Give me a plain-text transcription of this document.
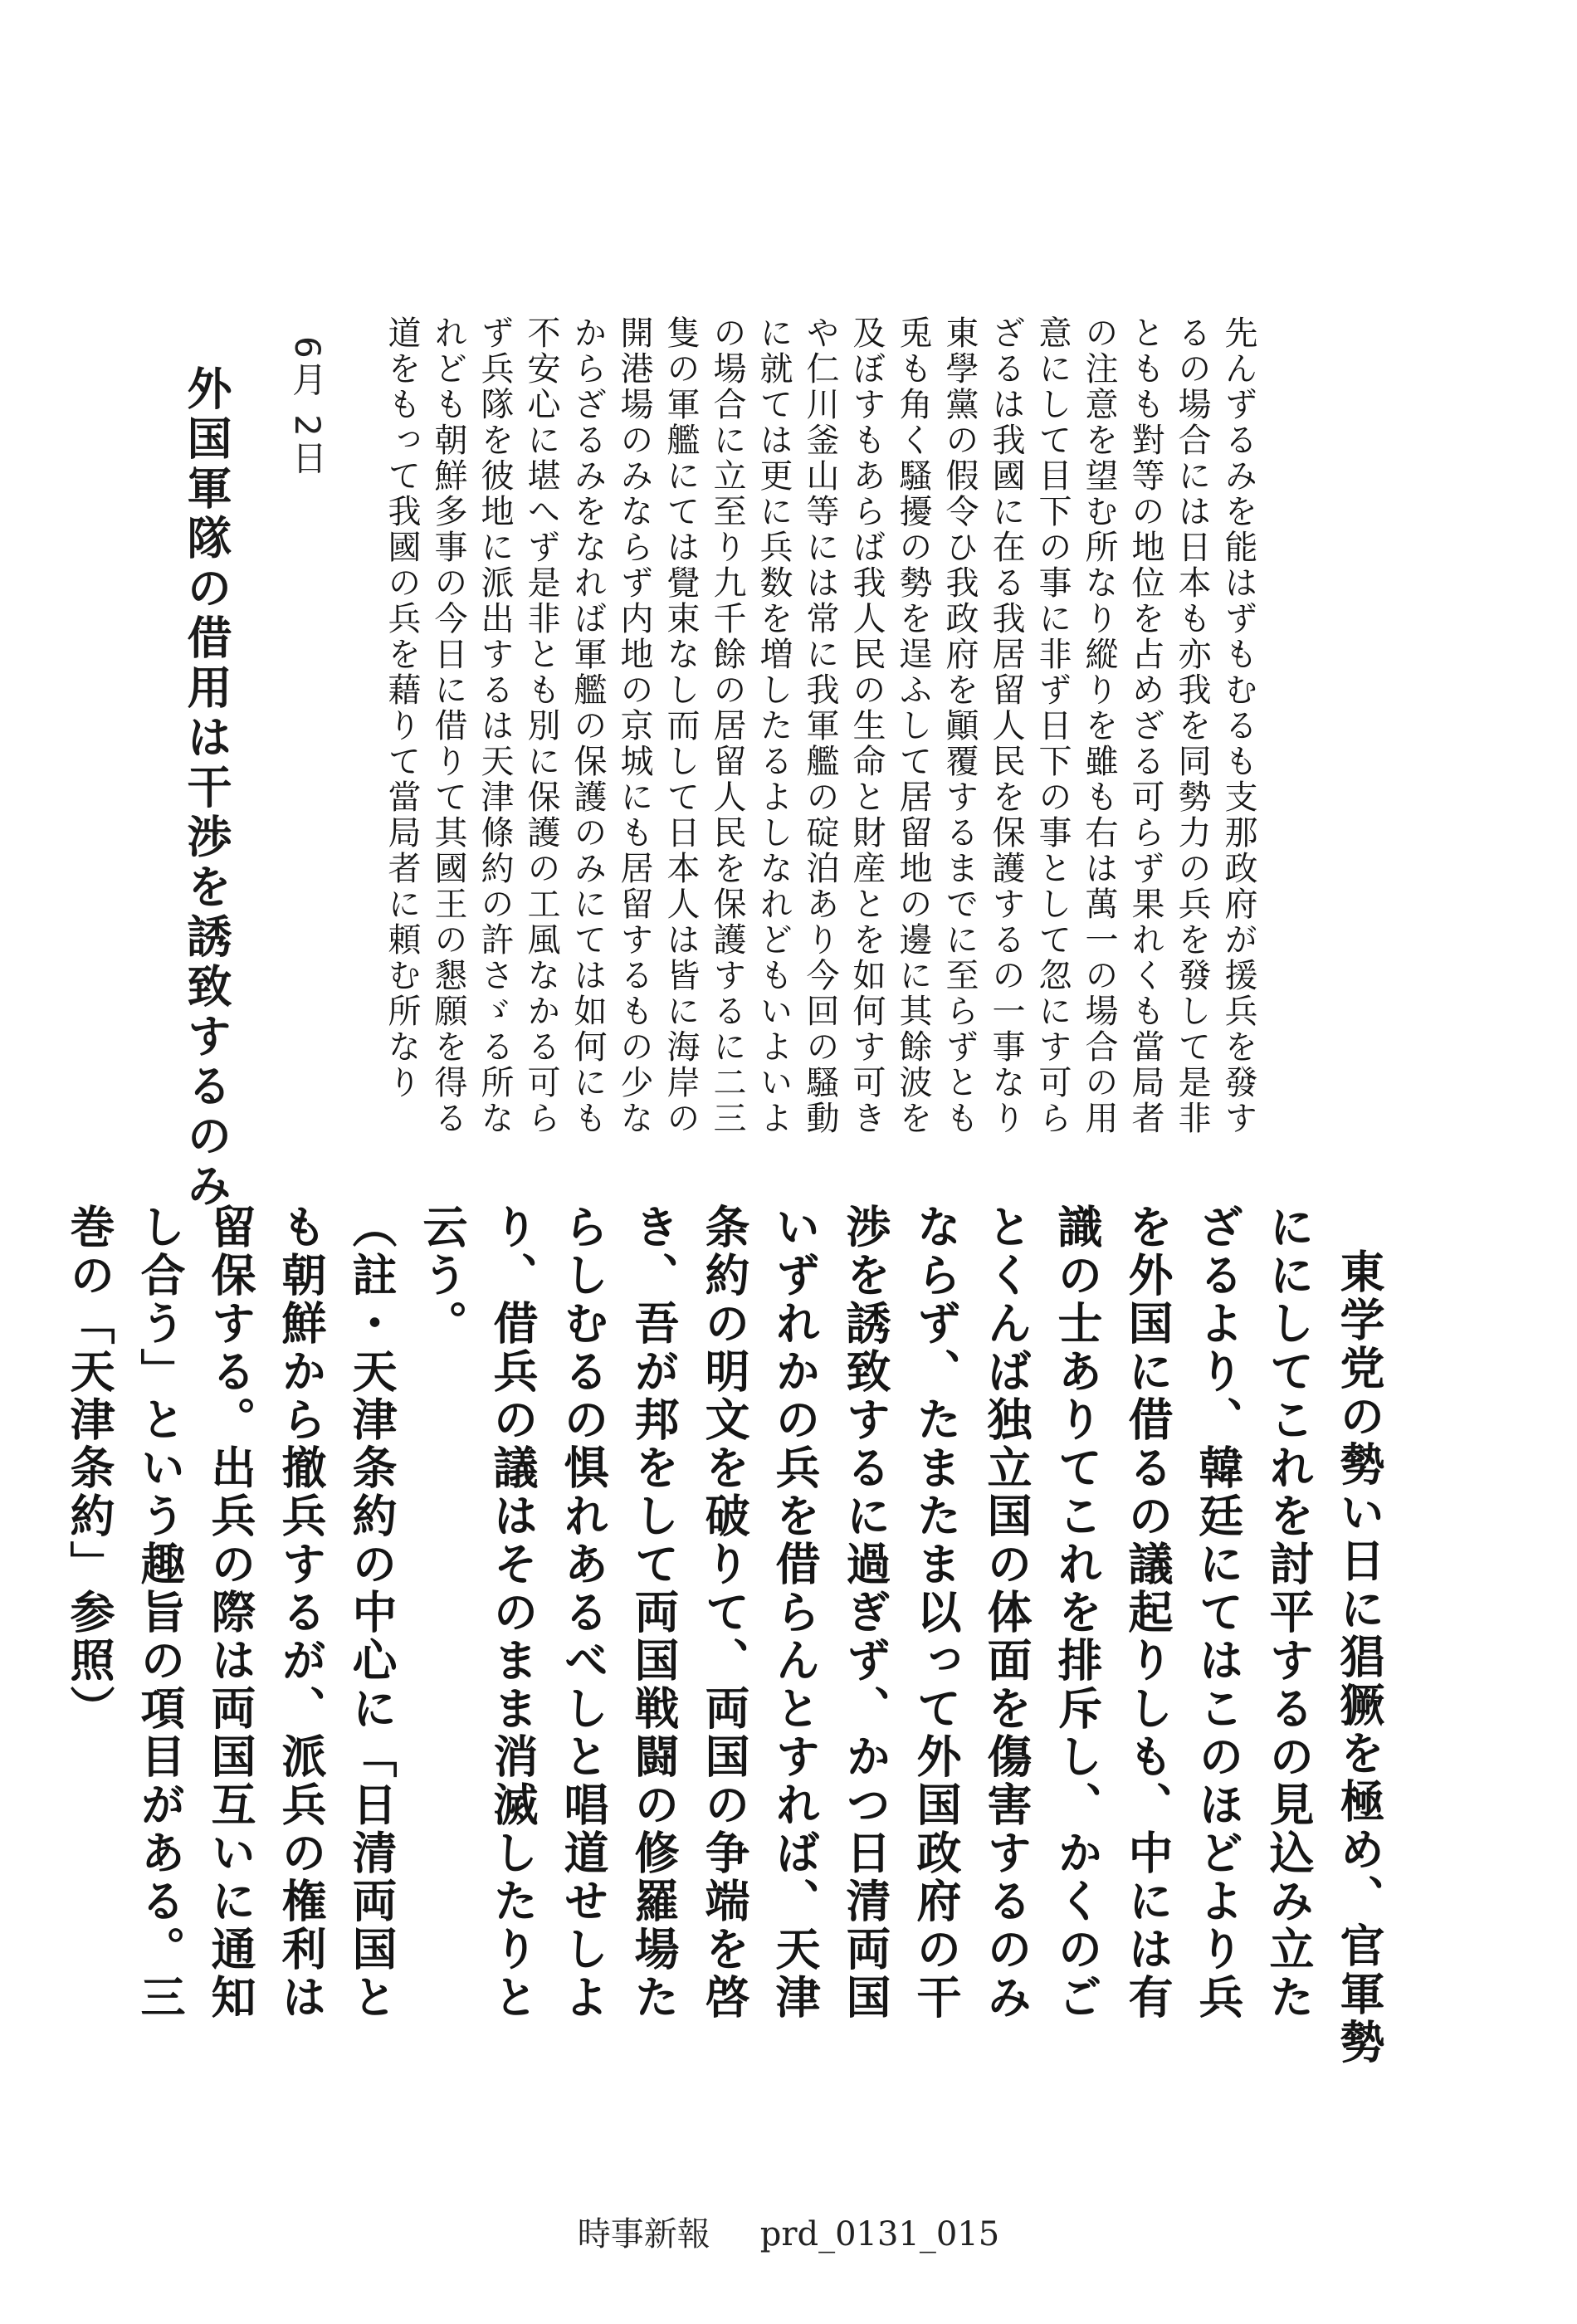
先んずるみを能はずもむるも支那政府が援兵を發するの場合には日本も亦我を同勢力の兵を發して是非ともも對等の地位を占めざる可らず果れくも當局者の注意を望む所なり縱りを雖も右は萬一の場合の用意にして目下の事に非ず日下の事として忽にす可らざるは我國に在る我居留人民を保護するの一事なり東學黨の假令ひ我政府を顚覆するまでに至らずとも兎も角く騷擾の勢を逞ふして居留地の邊に其餘波を及ぼすもあらば我人民の生命と財産とを如何す可きや仁川釜山等には常に我軍艦の碇泊あり今回の騷動に就ては更に兵数を増したるよしなれどもいよいよの場合に立至り九千餘の居留人民を保護するに二三隻の軍艦にては覺束なし而して日本人は皆に海岸の開港場のみならず内地の京城にも居留するもの少なからざるみをなれば軍艦の保護のみにては如何にも不安心に堪へず是非とも別に保護の工風なかる可らず兵隊を彼地に派出するは天津條約の許さゞる所なれども朝鮮多事の今日に借りて其國王の懇願を得る道をもって我國の兵を藉りて當局者に頼む所なり

6月 2日
外国軍隊の借用は干渉を誘致するのみ

東学党の勢い日に猖獗を極め、官軍勢ににしてこれを討平するの見込み立たざるより、韓廷にてはこのほどより兵を外国に借るの議起りしも、中には有識の士ありてこれを排斥し、かくのごとくんば独立国の体面を傷害するのみならず、たまたま以って外国政府の干渉を誘致するに過ぎず、かつ日清両国いずれかの兵を借らんとすれば、天津条約の明文を破りて、両国の争端を啓き、吾が邦をして両国戦闘の修羅場たらしむるの惧れあるべしと唱道せしより、借兵の議はそのまま消滅したりと云う。

（註・天津条約の中心に「日清両国とも朝鮮から撤兵するが、派兵の権利は留保する。出兵の際は両国互いに通知し合う」という趣旨の項目がある。三巻の「天津条約」参照）

時事新報 prd_0131_015
